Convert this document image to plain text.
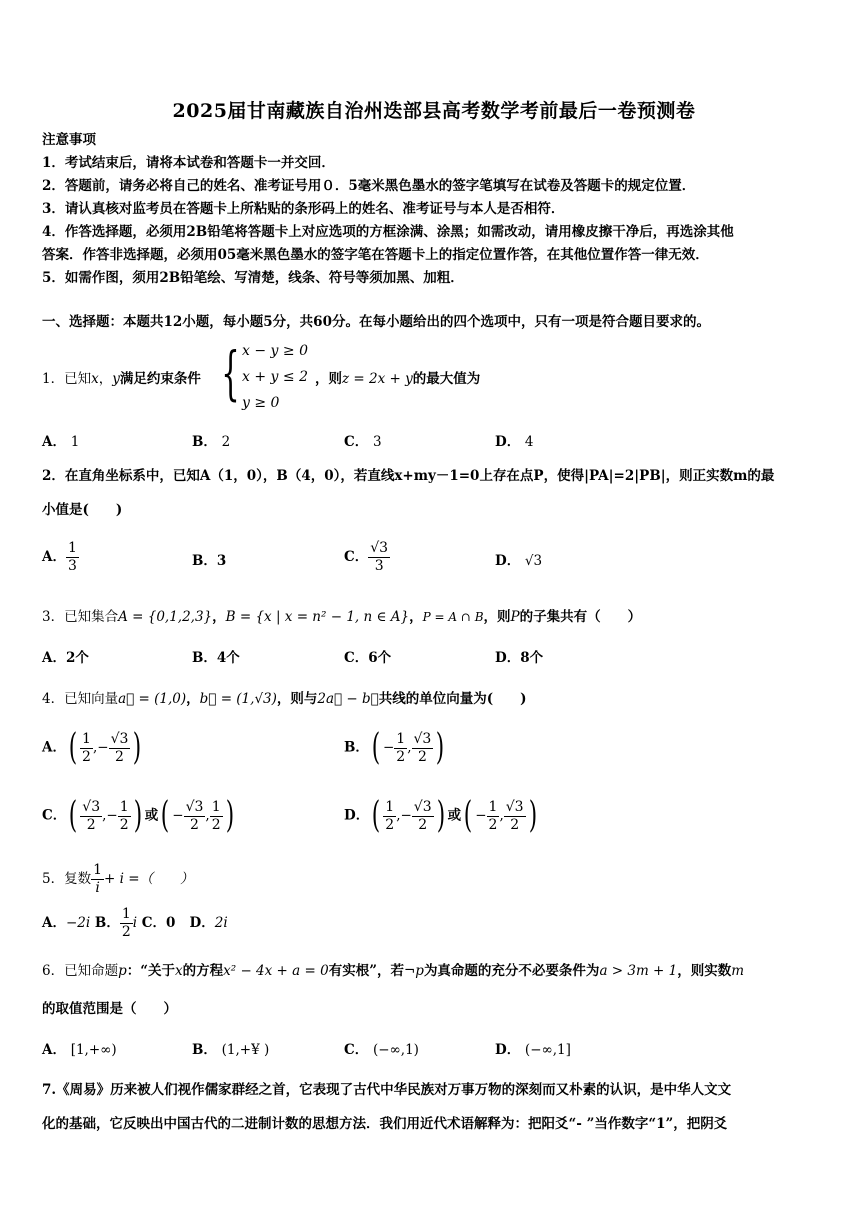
2025届甘南藏族自治州迭部县高考数学考前最后一卷预测卷
注意事项
1．考试结束后，请将本试卷和答题卡一并交回．
2．答题前，请务必将自己的姓名、准考证号用０．5毫米黑色墨水的签字笔填写在试卷及答题卡的规定位置．
3．请认真核对监考员在答题卡上所粘贴的条形码上的姓名、准考证号与本人是否相符．
4．作答选择题，必须用2B铅笔将答题卡上对应选项的方框涂满、涂黑；如需改动，请用橡皮擦干净后，再选涂其他
答案．作答非选择题，必须用05毫米黑色墨水的签字笔在答题卡上的指定位置作答，在其他位置作答一律无效．
5．如需作图，须用2B铅笔绘、写清楚，线条、符号等须加黑、加粗．
一、选择题：本题共12小题，每小题5分，共60分。在每小题给出的四个选项中，只有一项是符合题目要求的。
1．已知x，y满足约束条件 { x − y ≥ 0
x + y ≤ 2
y ≥ 0
，则z = 2x + y的最大值为
A． 1	B． 2	C． 3	D． 4
2．在直角坐标系中，已知A（1，0），B（4，0），若直线x+my－1=0上存在点P，使得|PA|=2|PB|，则正实数m的最
小值是(　　)
A． $\frac{1}{3}$	B．3	C． $\frac{√3}{3}$	D． √3
3．已知集合A = {0,1,2,3}，B = {x | x = n² − 1, n ∈ A}，P = A ∩ B，则P的子集共有（　　）
A．2个	B．4个	C．6个	D．8个
4．已知向量a⃗ = (1,0)，b⃗ = (1,√3)，则与2a⃗ − b⃗共线的单位向量为(　　)
A．( $\frac{1}{2}$ ,− $\frac{√3}{2}$ )	B．( − $\frac{1}{2}$ , $\frac{√3}{2}$ )
C．( $\frac{√3}{2}$ ,− $\frac{1}{2}$ ) 或( − $\frac{√3}{2}$ , $\frac{1}{2}$ )	D．( $\frac{1}{2}$ ,− $\frac{√3}{2}$ ) 或( − $\frac{1}{2}$ , $\frac{√3}{2}$ )
5．复数 $\frac{1}{i} + i$ =（　　）
A．−2i B． $\frac{1}{2}$ i C．0 D．2i
6．已知命题p：“关于x的方程x² − 4x + a = 0有实根”，若¬p为真命题的充分不必要条件为a > 3m + 1，则实数m
的取值范围是（　　）
A． [1,+∞)	B． (1,+¥ )	C． (−∞,1)	D． (−∞,1]
7.《周易》历来被人们视作儒家群经之首，它表现了古代中华民族对万事万物的深刻而又朴素的认识，是中华人文文
化的基础，它反映出中国古代的二进制计数的思想方法．我们用近代术语解释为：把阳爻“- ”当作数字“1”，把阴爻
